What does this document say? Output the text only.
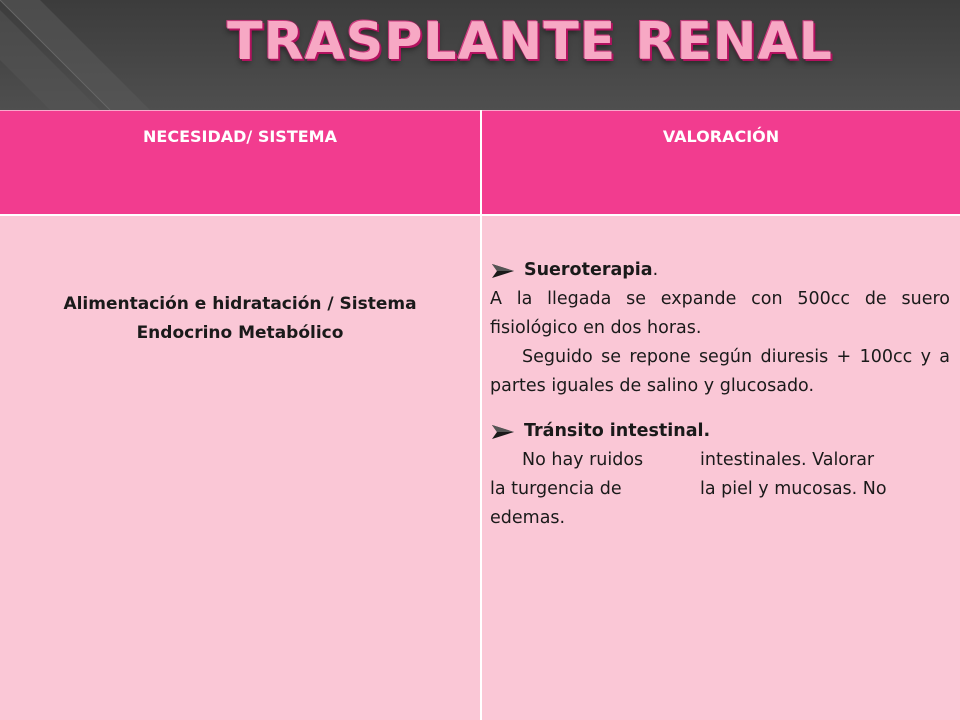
TRASPLANTE RENAL
NECESIDAD/ SISTEMA	VALORACIÓN
Alimentación e hidratación / Sistema
Endocrino Metabólico
Sueroterapia .
A la llegada se expande con 500cc de suero fisiológico en dos horas.
Seguido se repone según diuresis + 100cc y a partes iguales de salino y glucosado.
Tránsito intestinal.
No hay ruidos	intestinales. Valorar
la turgencia de	la piel y mucosas. No
edemas.
